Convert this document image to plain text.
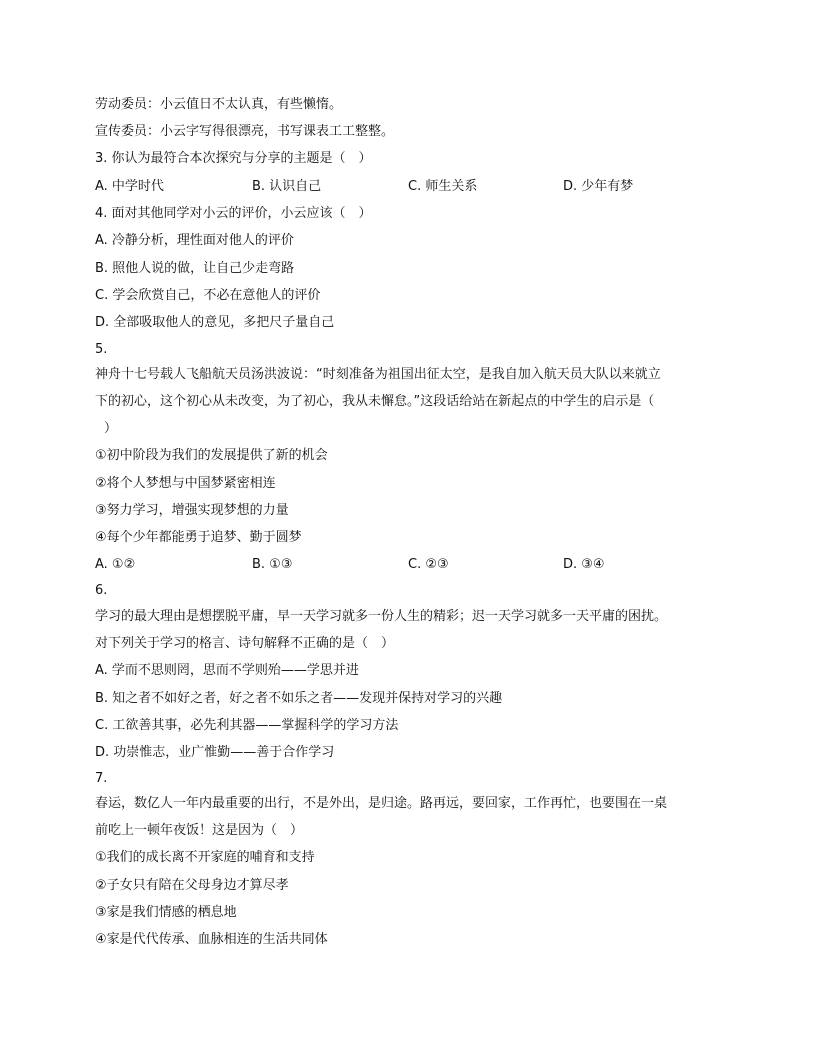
劳动委员：小云值日不太认真，有些懒惰。
宣传委员：小云字写得很漂亮，书写课表工工整整。
3. 你认为最符合本次探究与分享的主题是（　）
A. 中学时代	B. 认识自己	C. 师生关系	D. 少年有梦
4. 面对其他同学对小云的评价，小云应该（　）
A. 冷静分析，理性面对他人的评价
B. 照他人说的做，让自己少走弯路
C. 学会欣赏自己，不必在意他人的评价
D. 全部吸取他人的意见，多把尺子量自己
5.
神舟十七号载人飞船航天员汤洪波说：“时刻准备为祖国出征太空，是我自加入航天员大队以来就立
下的初心，这个初心从未改变，为了初心，我从未懈怠。”这段话给站在新起点的中学生的启示是（
）
①初中阶段为我们的发展提供了新的机会
②将个人梦想与中国梦紧密相连
③努力学习，增强实现梦想的力量
④每个少年都能勇于追梦、勤于圆梦
A. ①②	B. ①③	C. ②③	D. ③④
6.
学习的最大理由是想摆脱平庸，早一天学习就多一份人生的精彩；迟一天学习就多一天平庸的困扰。
对下列关于学习的格言、诗句解释不正确的是（　）
A. 学而不思则罔，思而不学则殆——学思并进
B. 知之者不如好之者，好之者不如乐之者——发现并保持对学习的兴趣
C. 工欲善其事，必先利其器——掌握科学的学习方法
D. 功崇惟志，业广惟勤——善于合作学习
7.
春运，数亿人一年内最重要的出行，不是外出，是归途。路再远，要回家，工作再忙，也要围在一桌
前吃上一顿年夜饭！这是因为（　）
①我们的成长离不开家庭的哺育和支持
②子女只有陪在父母身边才算尽孝
③家是我们情感的栖息地
④家是代代传承、血脉相连的生活共同体
